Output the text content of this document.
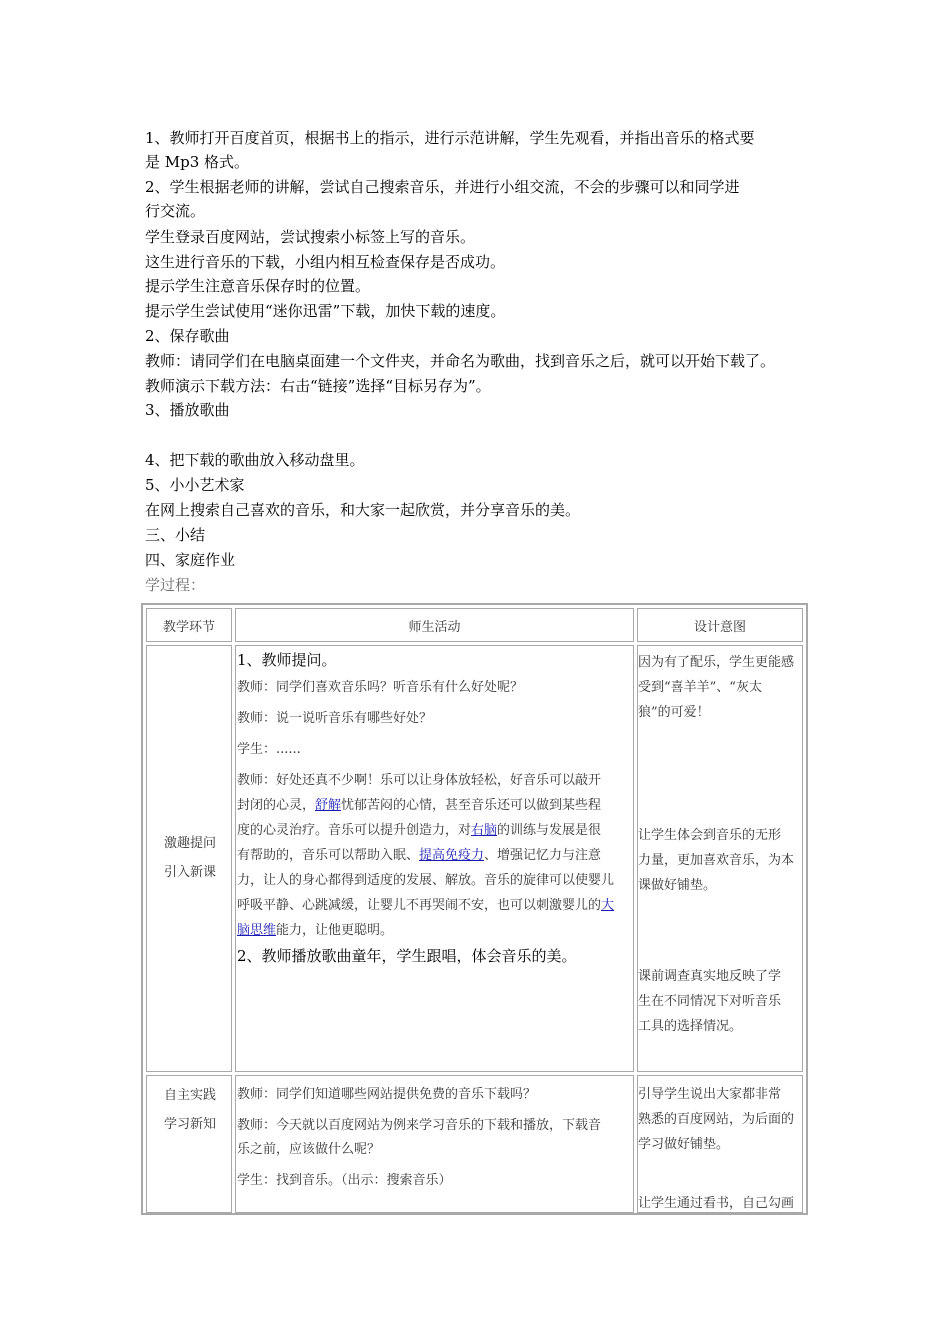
1、教师打开百度首页，根据书上的指示，进行示范讲解，学生先观看，并指出音乐的格式要
是 Mp3 格式。
2、学生根据老师的讲解，尝试自己搜索音乐，并进行小组交流，不会的步骤可以和同学进
行交流。
学生登录百度网站，尝试搜索小标签上写的音乐。
这生进行音乐的下载，小组内相互检查保存是否成功。
提示学生注意音乐保存时的位置。
提示学生尝试使用“迷你迅雷”下载，加快下载的速度。
2、保存歌曲
教师：请同学们在电脑桌面建一个文件夹，并命名为歌曲，找到音乐之后，就可以开始下载了。
教师演示下载方法：右击“链接”选择“目标另存为”。
3、播放歌曲
4、把下载的歌曲放入移动盘里。
5、小小艺术家
在网上搜索自己喜欢的音乐，和大家一起欣赏，并分享音乐的美。
三、小结
四、家庭作业
学过程：
教学环节	师生活动	设计意图
激趣提问
引入新课
1、教师提问。
教师：同学们喜欢音乐吗？听音乐有什么好处呢？
教师：说一说听音乐有哪些好处？
学生：......
教师：好处还真不少啊！乐可以让身体放轻松，好音乐可以敲开
封闭的心灵，舒解忧郁苦闷的心情，甚至音乐还可以做到某些程
度的心灵治疗。音乐可以提升创造力，对右脑的训练与发展是很
有帮助的，音乐可以帮助入眠、提高免疫力、增强记忆力与注意
力，让人的身心都得到适度的发展、解放。音乐的旋律可以使婴儿
呼吸平静、心跳减缓，让婴儿不再哭闹不安，也可以刺激婴儿的大
脑思维能力，让他更聪明。
2、教师播放歌曲童年，学生跟唱，体会音乐的美。
因为有了配乐，学生更能感
受到“喜羊羊”、“灰太
狼”的可爱！
让学生体会到音乐的无形
力量，更加喜欢音乐，为本
课做好铺垫。
课前调查真实地反映了学
生在不同情况下对听音乐
工具的选择情况。
自主实践
学习新知
教师：同学们知道哪些网站提供免费的音乐下载吗？
教师：今天就以百度网站为例来学习音乐的下载和播放，下载音
乐之前，应该做什么呢？
学生：找到音乐。（出示：搜索音乐）
引导学生说出大家都非常
熟悉的百度网站，为后面的
学习做好铺垫。
让学生通过看书，自己勾画
